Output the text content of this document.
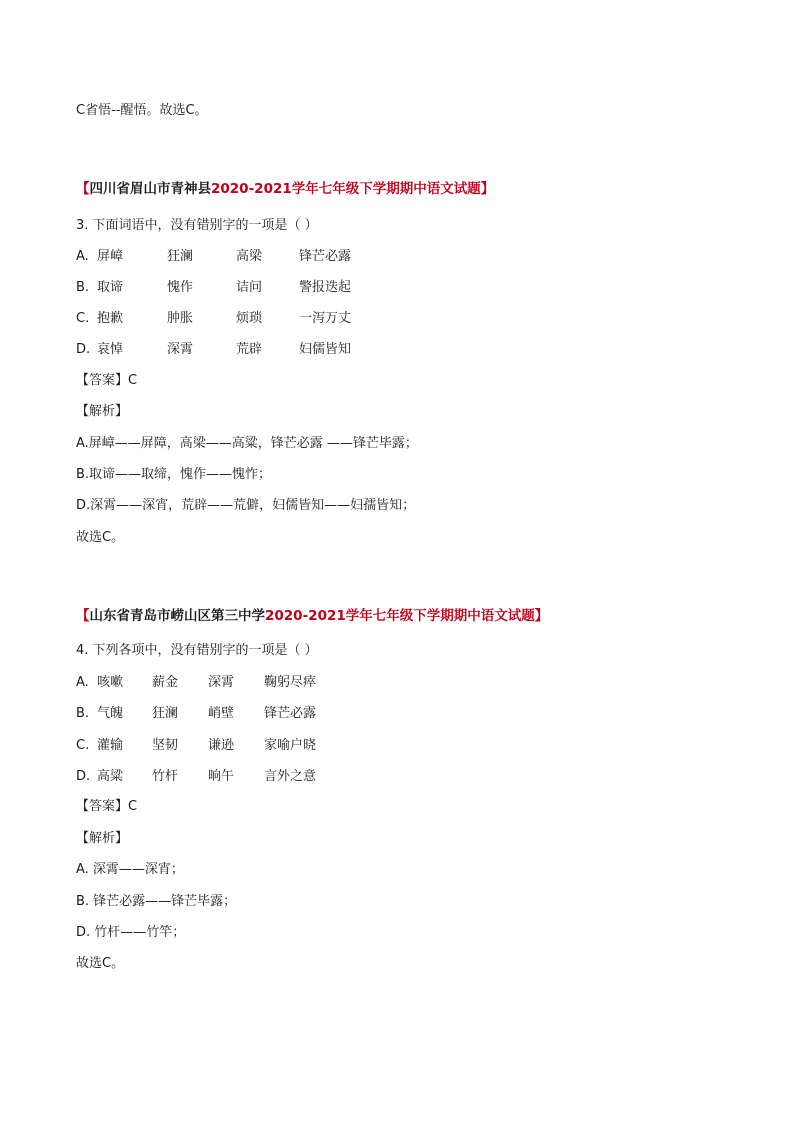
C省悟--醒悟。故选C。
【四川省眉山市青神县2020-2021学年七年级下学期期中语文试题】
3. 下面词语中，没有错别字的一项是（ ）
A. 屏嶂	狂澜	高梁	锋芒必露
B. 取谛	愧作	诘问	警报迭起
C. 抱歉	肿胀	烦琐	一泻万丈
D. 哀悼	深霄	荒辟	妇儒皆知
【答案】C
【解析】
A.屏嶂——屏障，高梁——高粱，锋芒必露 ——锋芒毕露；
B.取谛——取缔，愧作——愧怍；
D.深霄——深宵，荒辟——荒僻，妇儒皆知——妇孺皆知；
故选C。
【山东省青岛市崂山区第三中学2020-2021学年七年级下学期期中语文试题】
4. 下列各项中，没有错别字的一项是（ ）
A. 咳嗽 薪金 深霄 鞠躬尽瘁
B. 气魄 狂澜 峭壁 锋芒必露
C. 灌输 坚韧 谦逊 家喻户晓
D. 高粱 竹杆 晌午 言外之意
【答案】C
【解析】
A. 深霄——深宵；
B. 锋芒必露——锋芒毕露；
D. 竹杆——竹竿；
故选C。
